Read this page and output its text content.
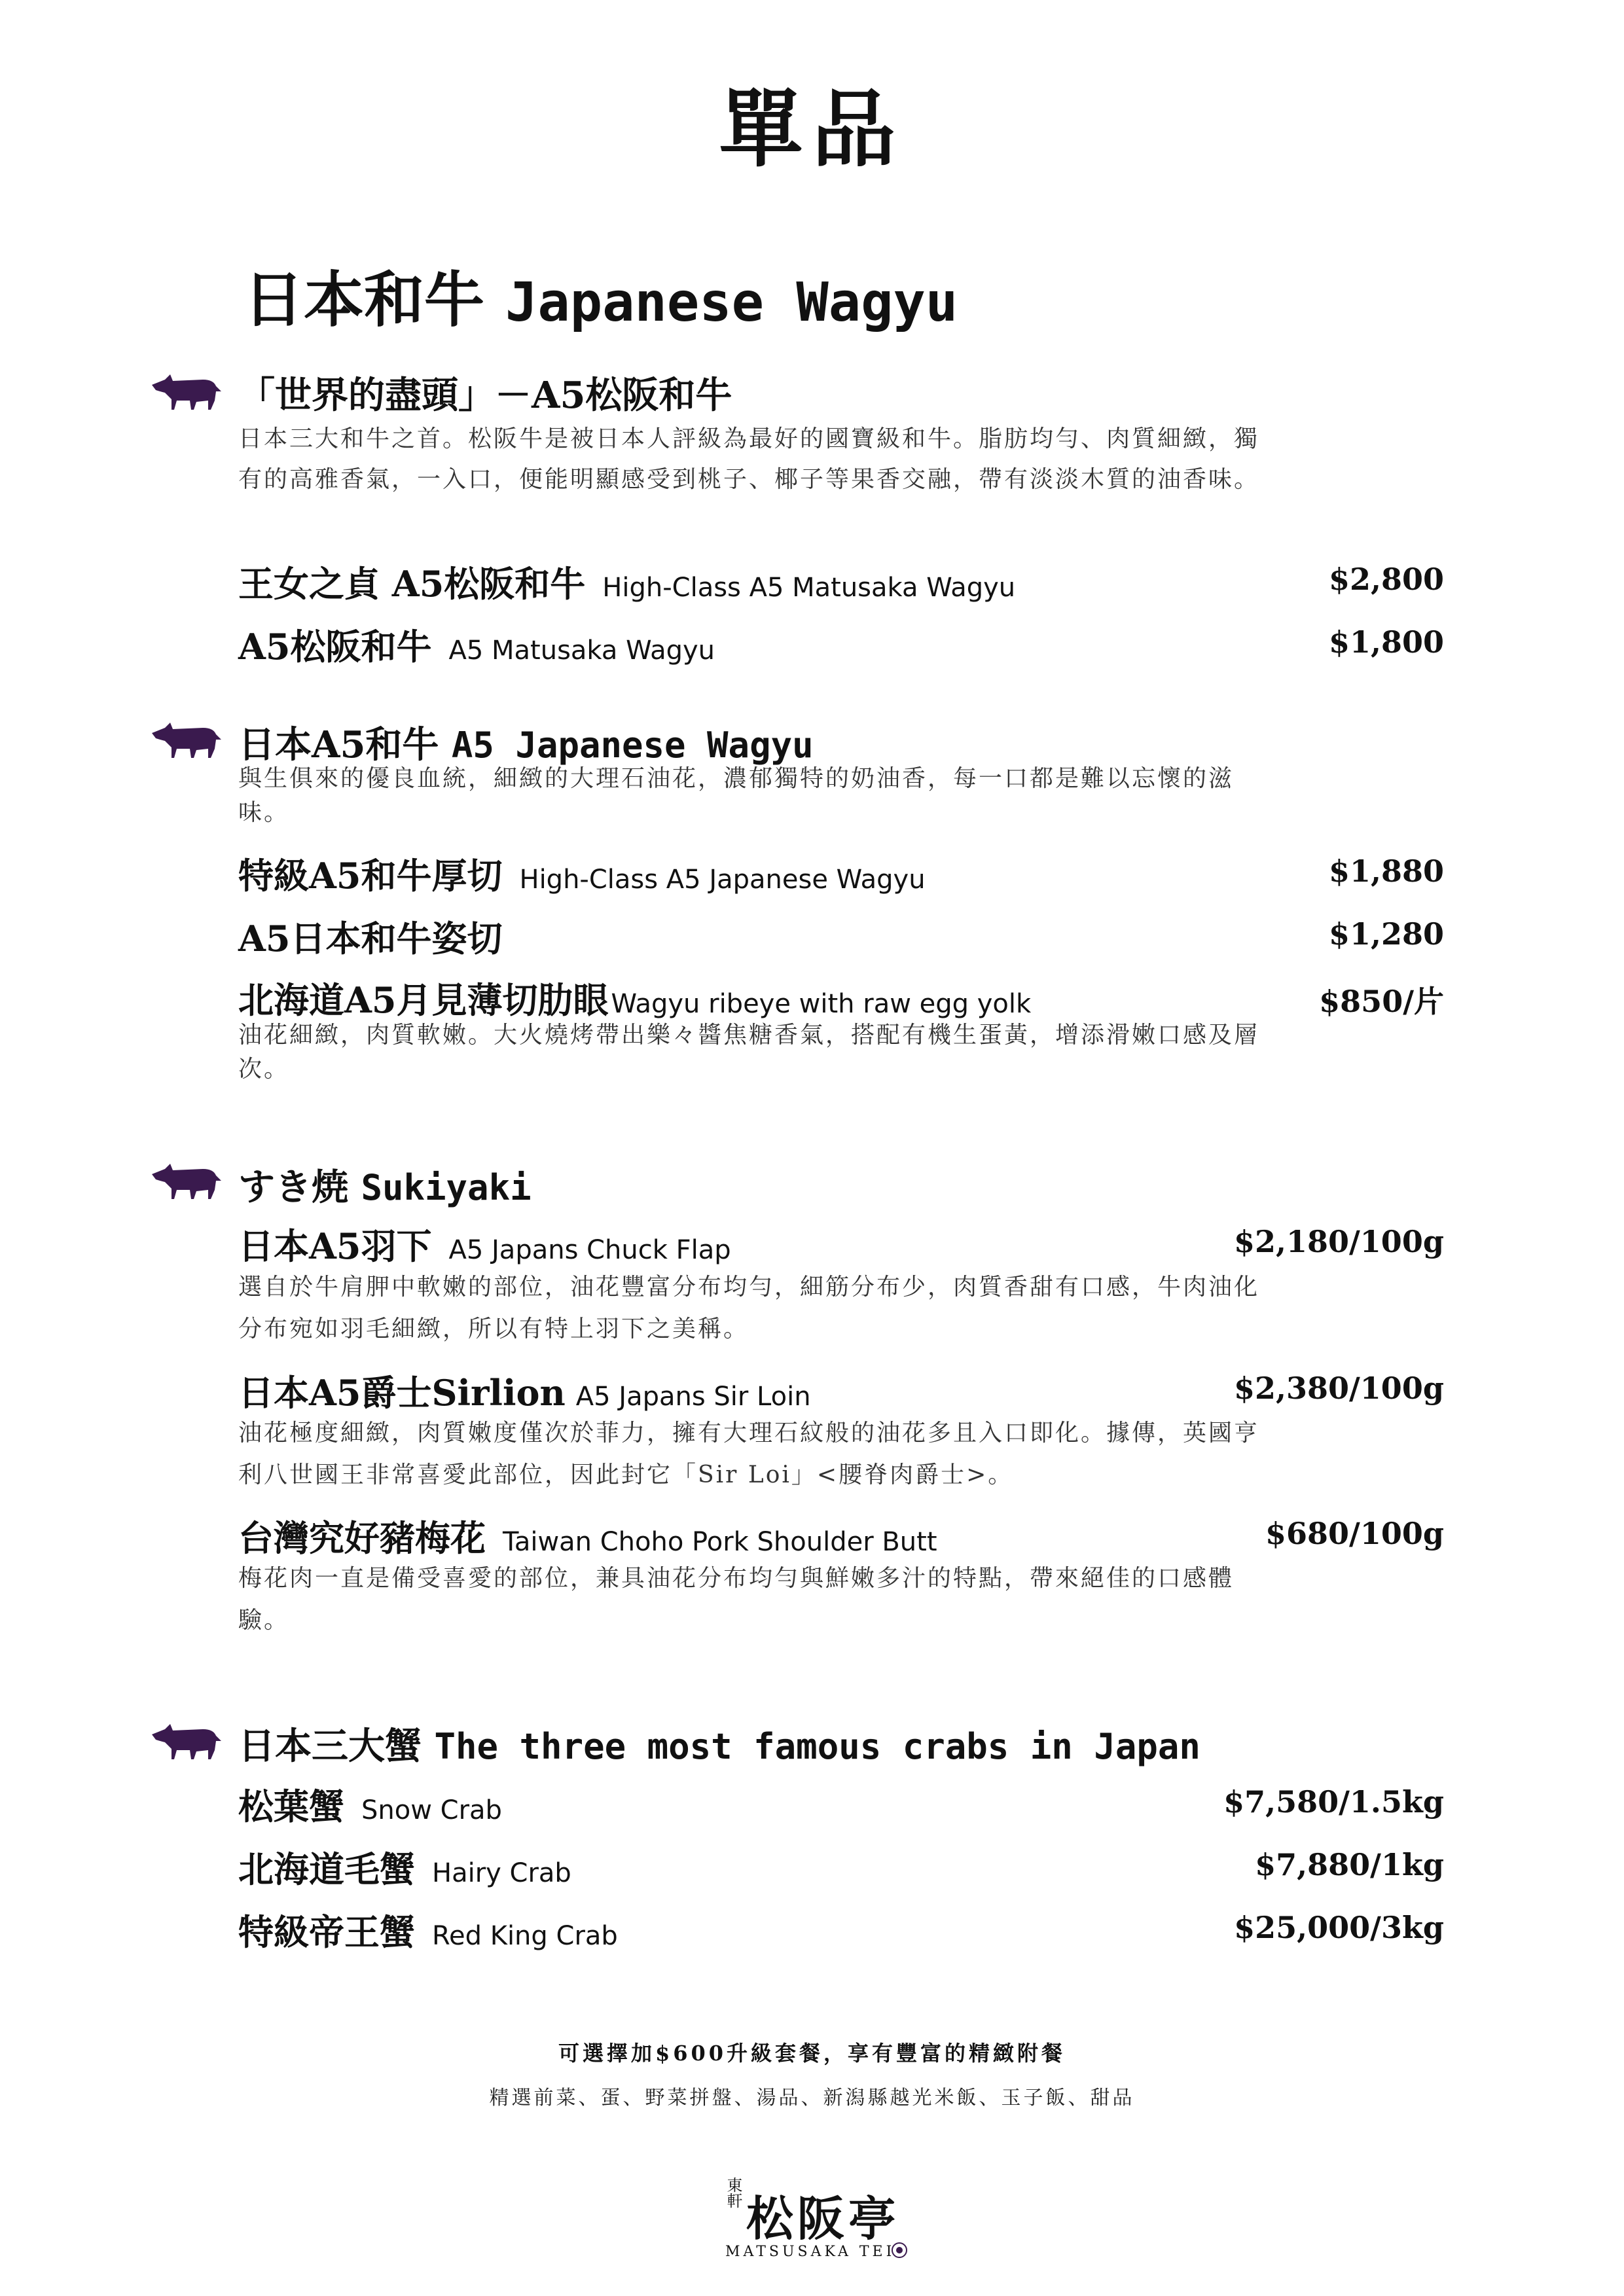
單品
日本和牛 Japanese Wagyu
「世界的盡頭」－A5松阪和牛
日本三大和牛之首。松阪牛是被日本人評級為最好的國寶級和牛。脂肪均勻、肉質細緻，獨有的高雅香氣，一入口，便能明顯感受到桃子、椰子等果香交融，帶有淡淡木質的油香味。
王女之貞 A5松阪和牛 High-Class A5 Matusaka Wagyu	$2,800
A5松阪和牛 A5 Matusaka Wagyu	$1,800
日本A5和牛 A5 Japanese Wagyu
與生俱來的優良血統，細緻的大理石油花，濃郁獨特的奶油香，每一口都是難以忘懷的滋味。
特級A5和牛厚切 High-Class A5 Japanese Wagyu	$1,880
A5日本和牛姿切	$1,280
北海道A5月見薄切肋眼 Wagyu ribeye with raw egg yolk	$850/片
油花細緻，肉質軟嫩。大火燒烤帶出樂々醬焦糖香氣，搭配有機生蛋黃，增添滑嫩口感及層次。
すき焼 Sukiyaki
日本A5羽下 A5 Japans Chuck Flap	$2,180/100g
選自於牛肩胛中軟嫩的部位，油花豐富分布均勻，細筋分布少，肉質香甜有口感，牛肉油化分布宛如羽毛細緻，所以有特上羽下之美稱。
日本A5爵士Sirlion A5 Japans Sir Loin	$2,380/100g
油花極度細緻，肉質嫩度僅次於菲力，擁有大理石紋般的油花多且入口即化。據傳，英國亨利八世國王非常喜愛此部位，因此封它「Sir Loi」<腰脊肉爵士>。
台灣究好豬梅花 Taiwan Choho Pork Shoulder Butt	$680/100g
梅花肉一直是備受喜愛的部位，兼具油花分布均勻與鮮嫩多汁的特點，帶來絕佳的口感體驗。
日本三大蟹 The three most famous crabs in Japan
松葉蟹 Snow Crab	$7,580/1.5kg
北海道毛蟹 Hairy Crab	$7,880/1kg
特級帝王蟹 Red King Crab	$25,000/3kg
可選擇加$600升級套餐，享有豐富的精緻附餐
精選前菜、蛋、野菜拼盤、湯品、新潟縣越光米飯、玉子飯、甜品
東軒 松阪亭
MATSUSAKA TEI
